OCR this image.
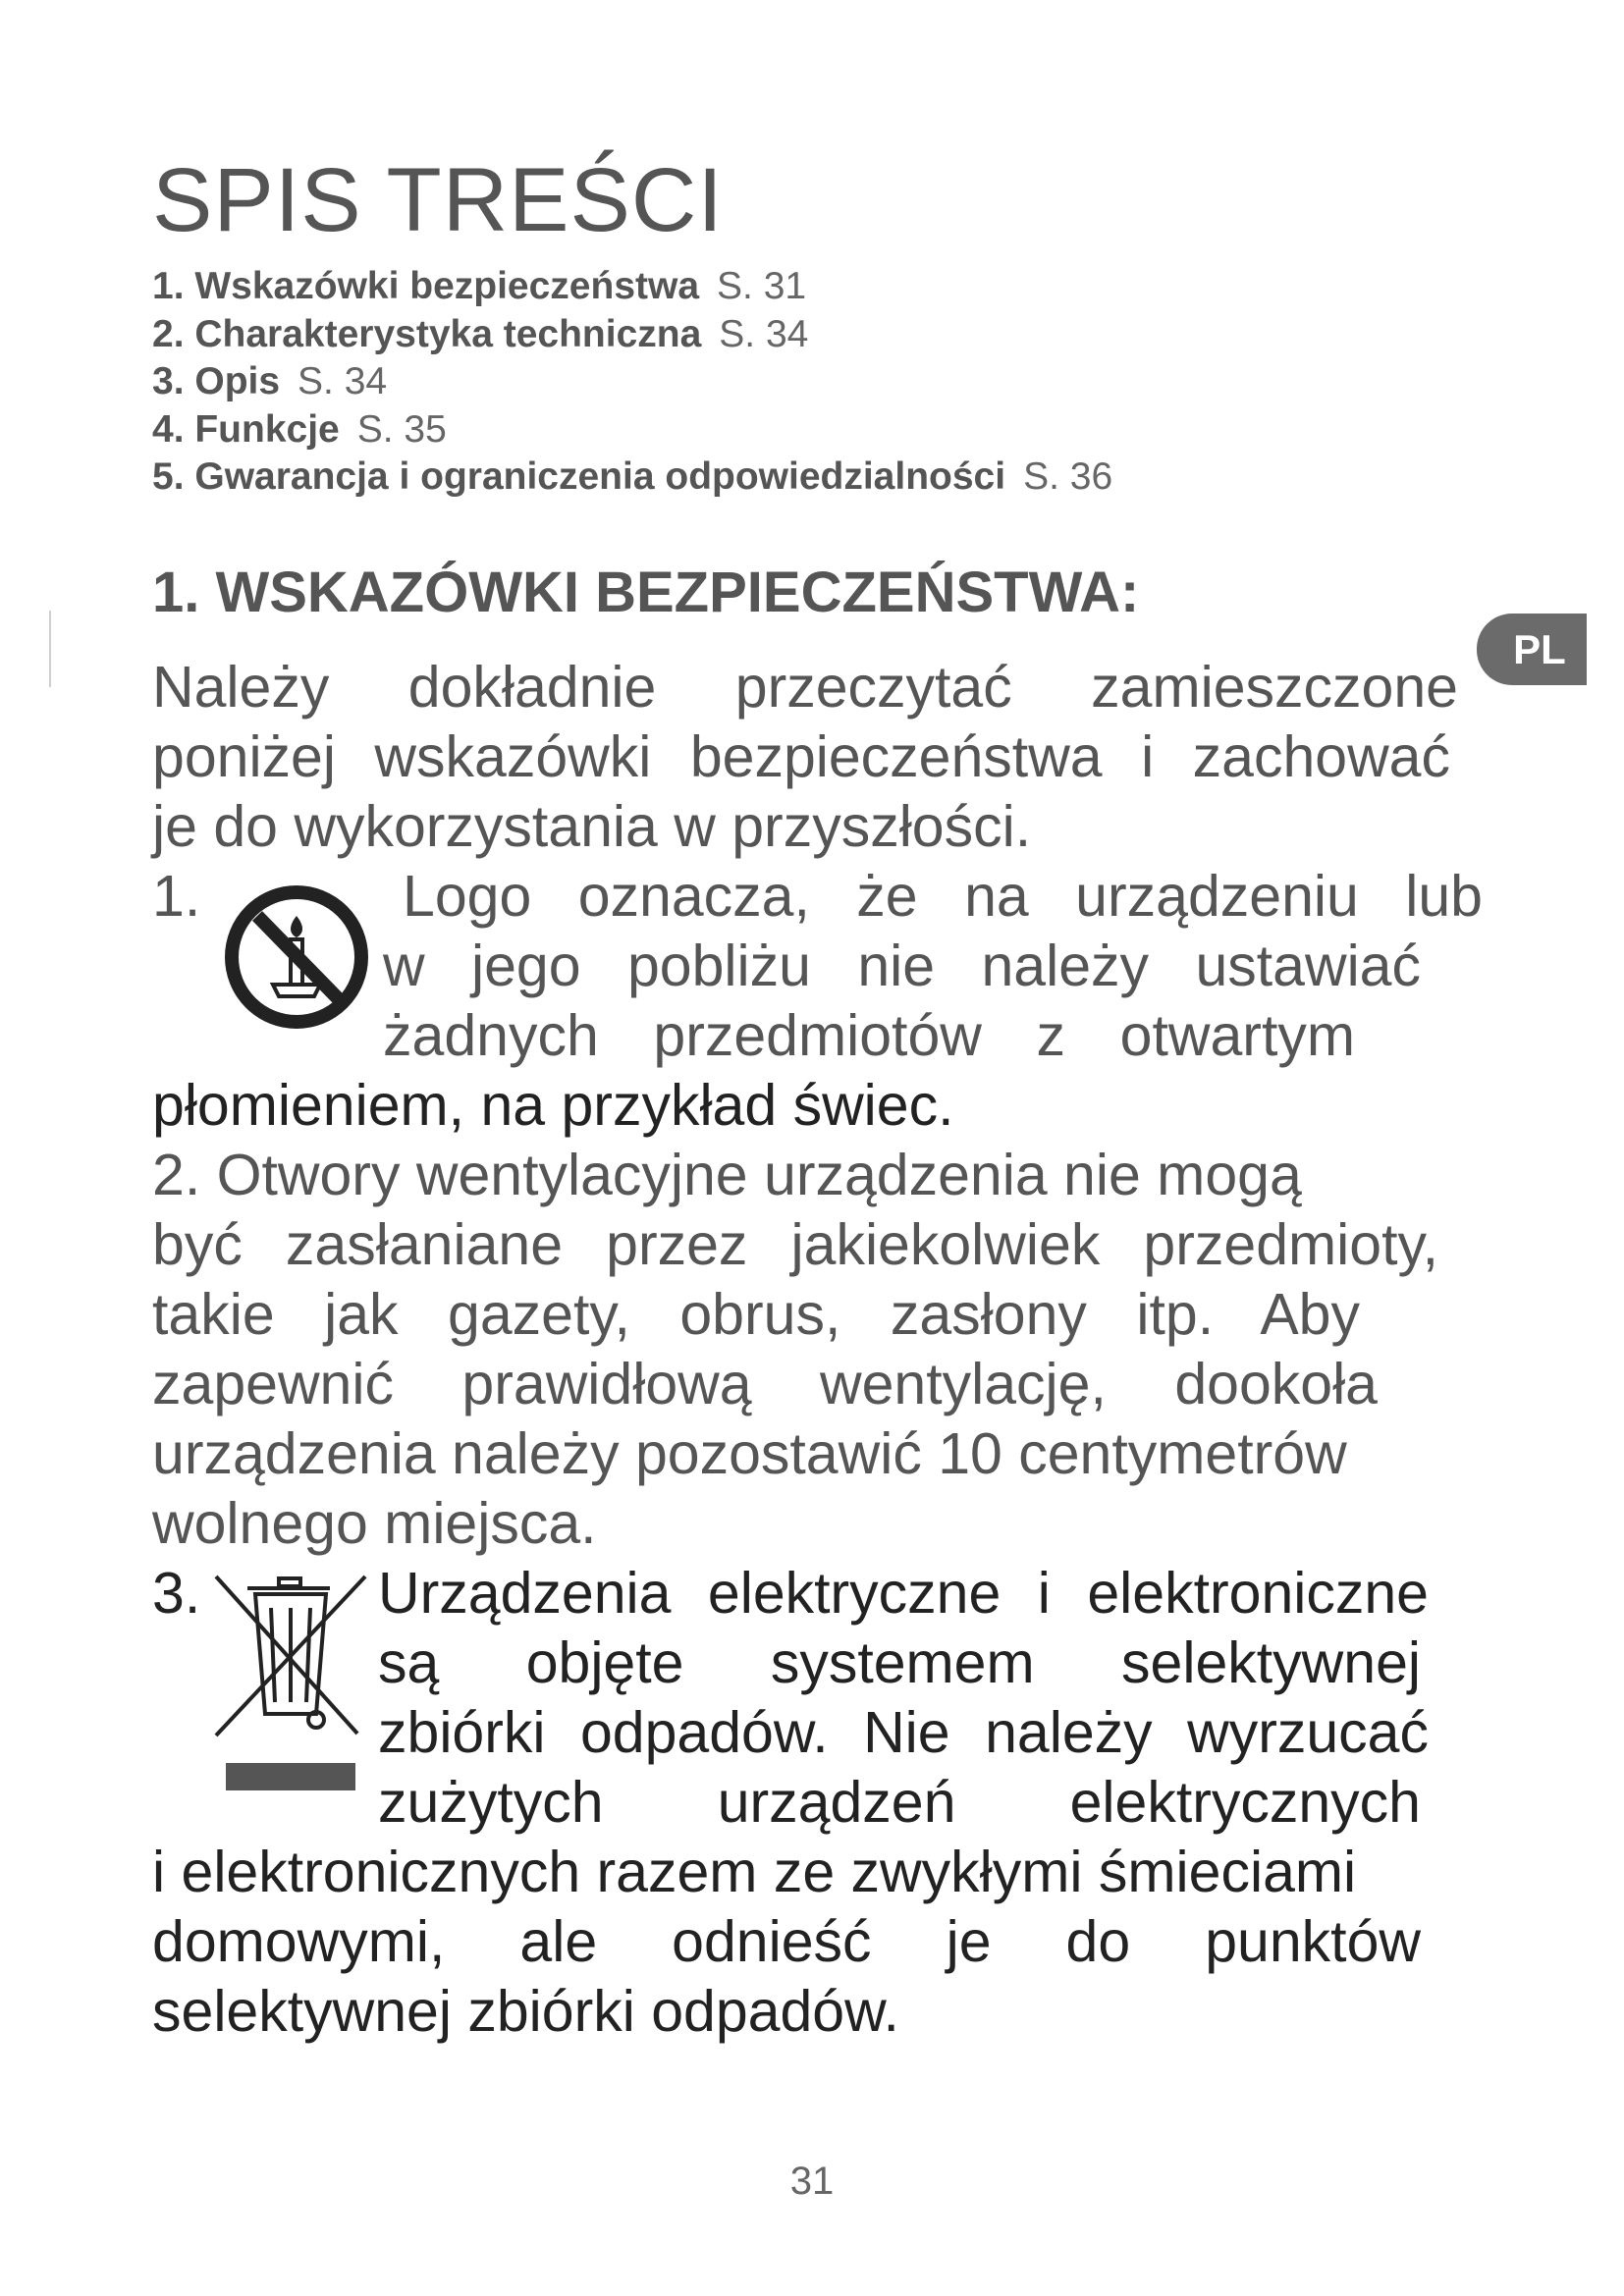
SPIS TREŚCI
1. Wskazówki bezpieczeństwa S. 31
2. Charakterystyka techniczna S. 34
3. Opis S. 34
4. Funkcje S. 35
5. Gwarancja i ograniczenia odpowiedzialności S. 36
1. WSKAZÓWKI BEZPIECZEŃSTWA:
PL
Należy dokładnie przeczytać zamieszczone
poniżej wskazówki bezpieczeństwa i zachować
je do wykorzystania w przyszłości.
1.	Logo oznacza, że na urządzeniu lub
w jego pobliżu nie należy ustawiać
żadnych przedmiotów z otwartym
płomieniem, na przykład świec.
2. Otwory wentylacyjne urządzenia nie mogą
być zasłaniane przez jakiekolwiek przedmioty,
takie jak gazety, obrus, zasłony itp. Aby
zapewnić prawidłową wentylację, dookoła
urządzenia należy pozostawić 10 centymetrów
wolnego miejsca.
3.	Urządzenia elektryczne i elektroniczne
są objęte systemem selektywnej
zbiórki odpadów. Nie należy wyrzucać
zużytych urządzeń elektrycznych
i elektronicznych razem ze zwykłymi śmieciami
domowymi, ale odnieść je do punktów
selektywnej zbiórki odpadów.
31
